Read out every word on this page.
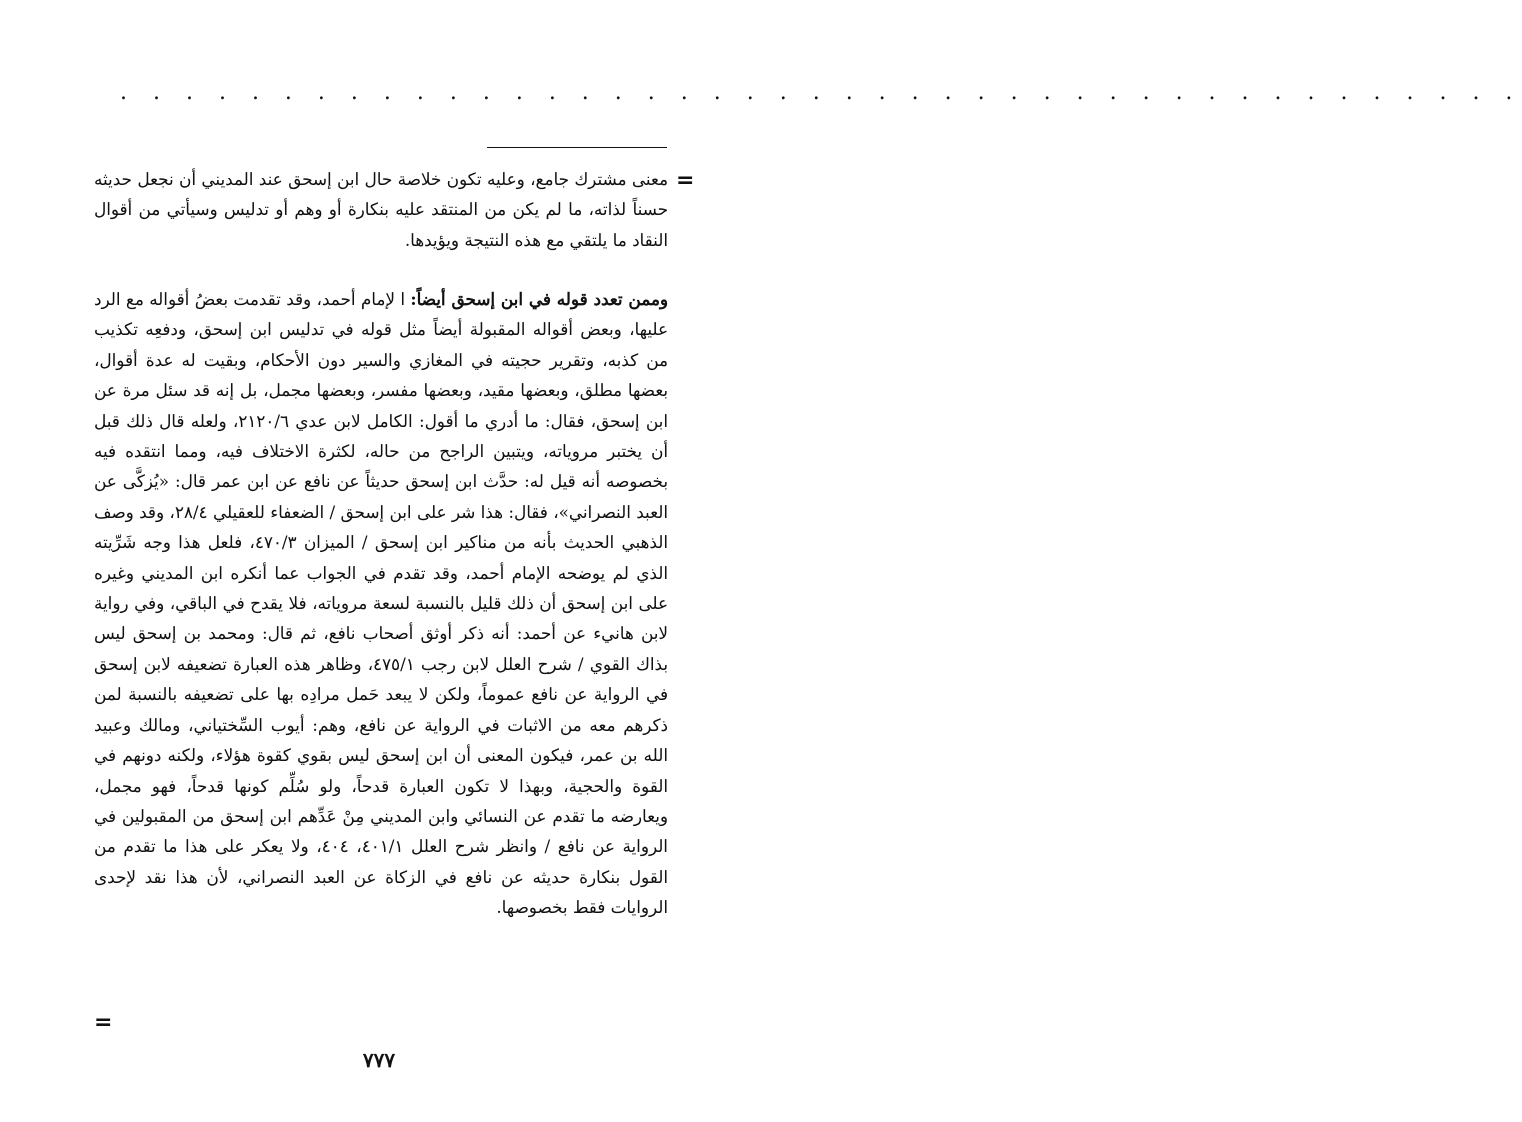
. . . . . . . . . . . . . . . . . . . . . . . . . . . . . . . . . . . . . . . . . . .
=

معنى مشترك جامع، وعليه تكون خلاصة حال ابن إسحق عند المديني أن نجعل حديثه حسناً لذاته، ما لم يكن من المنتقد عليه بنكارة أو وهم أو تدليس وسيأتي من أقوال النقاد ما يلتقي مع هذه النتيجة ويؤيدها.

وممن تعدد قوله في ابن إسحق أيضاً: ا لإمام أحمد، وقد تقدمت بعضُ أقواله مع الرد عليها، وبعض أقواله المقبولة أيضاً مثل قوله في تدليس ابن إسحق، ودفعِه تكذيب من كذبه، وتقرير حجيته في المغازي والسير دون الأحكام، وبقيت له عدة أقوال، بعضها مطلق، وبعضها مقيد، وبعضها مفسر، وبعضها مجمل، بل إنه قد سئل مرة عن ابن إسحق، فقال: ما أدري ما أقول: الكامل لابن عدي ٢١٢٠/٦، ولعله قال ذلك قبل أن يختبر مروياته، ويتبين الراجح من حاله، لكثرة الاختلاف فيه، ومما انتقده فيه بخصوصه أنه قيل له: حدَّث ابن إسحق حديثاً عن نافع عن ابن عمر قال: «يُزكَّى عن العبد النصراني»، فقال: هذا شر على ابن إسحق / الضعفاء للعقيلي ٢٨/٤، وقد وصف الذهبي الحديث بأنه من مناكير ابن إسحق / الميزان ٤٧٠/٣، فلعل هذا وجه شَرِّيته الذي لم يوضحه الإمام أحمد، وقد تقدم في الجواب عما أنكره ابن المديني وغيره على ابن إسحق أن ذلك قليل بالنسبة لسعة مروياته، فلا يقدح في الباقي، وفي رواية لابن هانيء عن أحمد: أنه ذكر أوثق أصحاب نافع، ثم قال: ومحمد بن إسحق ليس بذاك القوي / شرح العلل لابن رجب ٤٧٥/١، وظاهر هذه العبارة تضعيفه لابن إسحق في الرواية عن نافع عموماً، ولكن لا يبعد حَمل مرادِه بها على تضعيفه بالنسبة لمن ذكرهم معه من الاثبات في الرواية عن نافع، وهم: أيوب السِّختياني، ومالك وعبيد الله بن عمر، فيكون المعنى أن ابن إسحق ليس بقوي كقوة هؤلاء، ولكنه دونهم في القوة والحجية، وبهذا لا تكون العبارة قدحاً، ولو سُلِّم كونها قدحاً، فهو مجمل، ويعارضه ما تقدم عن النسائي وابن المديني مِنْ عَدِّهم ابن إسحق من المقبولين في الرواية عن نافع / وانظر شرح العلل ٤٠١/١، ٤٠٤، ولا يعكر على هذا ما تقدم من القول بنكارة حديثه عن نافع في الزكاة عن العبد النصراني، لأن هذا نقد لإحدى الروايات فقط بخصوصها.

=
٧٧٧
